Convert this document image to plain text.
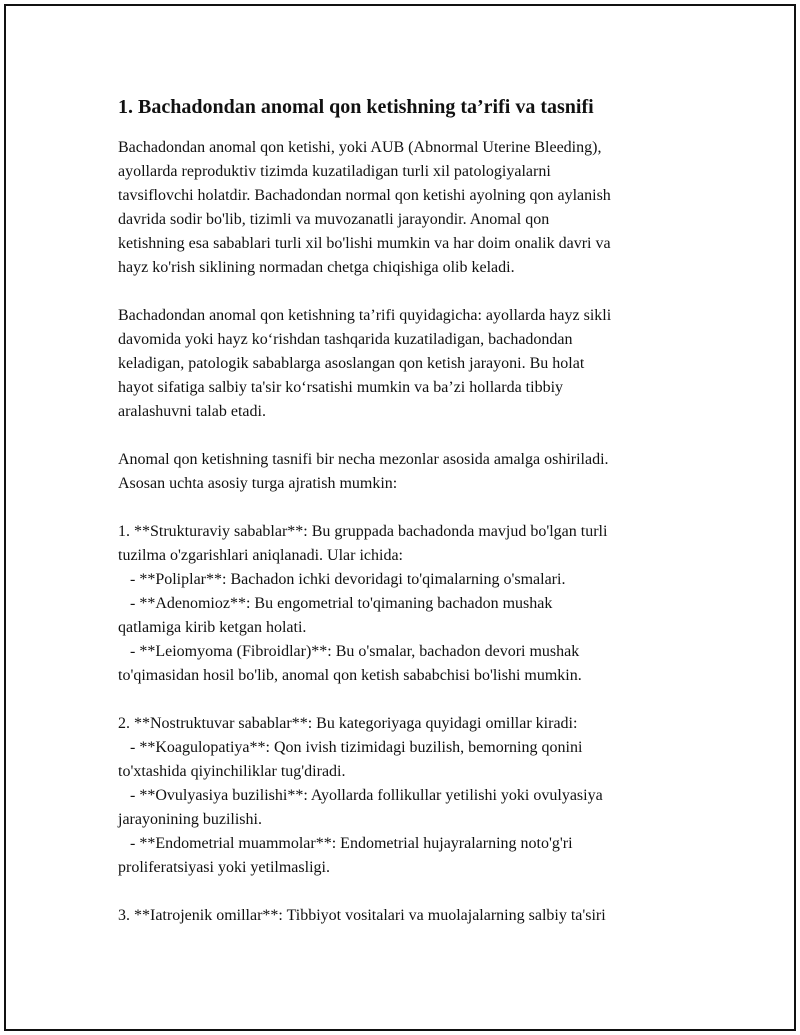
1. Bachadondan anomal qon ketishning ta’rifi va tasnifi

Bachadondan anomal qon ketishi, yoki AUB (Abnormal Uterine Bleeding),
ayollarda reproduktiv tizimda kuzatiladigan turli xil patologiyalarni
tavsiflovchi holatdir. Bachadondan normal qon ketishi ayolning qon aylanish
davrida sodir bo'lib, tizimli va muvozanatli jarayondir. Anomal qon
ketishning esa sabablari turli xil bo'lishi mumkin va har doim onalik davri va
hayz ko'rish siklining normadan chetga chiqishiga olib keladi.

Bachadondan anomal qon ketishning ta’rifi quyidagicha: ayollarda hayz sikli
davomida yoki hayz ko‘rishdan tashqarida kuzatiladigan, bachadondan
keladigan, patologik sabablarga asoslangan qon ketish jarayoni. Bu holat
hayot sifatiga salbiy ta'sir ko‘rsatishi mumkin va ba’zi hollarda tibbiy
aralashuvni talab etadi.

Anomal qon ketishning tasnifi bir necha mezonlar asosida amalga oshiriladi.
Asosan uchta asosiy turga ajratish mumkin:

1. **Strukturaviy sabablar**: Bu gruppada bachadonda mavjud bo'lgan turli
tuzilma o'zgarishlari aniqlanadi. Ular ichida:
- **Poliplar**: Bachadon ichki devoridagi to'qimalarning o'smalari.
- **Adenomioz**: Bu engometrial to'qimaning bachadon mushak
qatlamiga kirib ketgan holati.
- **Leiomyoma (Fibroidlar)**: Bu o'smalar, bachadon devori mushak
to'qimasidan hosil bo'lib, anomal qon ketish sababchisi bo'lishi mumkin.

2. **Nostruktuvar sabablar**: Bu kategoriyaga quyidagi omillar kiradi:
- **Koagulopatiya**: Qon ivish tizimidagi buzilish, bemorning qonini
to'xtashida qiyinchiliklar tug'diradi.
- **Ovulyasiya buzilishi**: Ayollarda follikullar yetilishi yoki ovulyasiya
jarayonining buzilishi.
- **Endometrial muammolar**: Endometrial hujayralarning noto'g'ri
proliferatsiyasi yoki yetilmasligi.

3. **Iatrojenik omillar**: Tibbiyot vositalari va muolajalarning salbiy ta'siri
